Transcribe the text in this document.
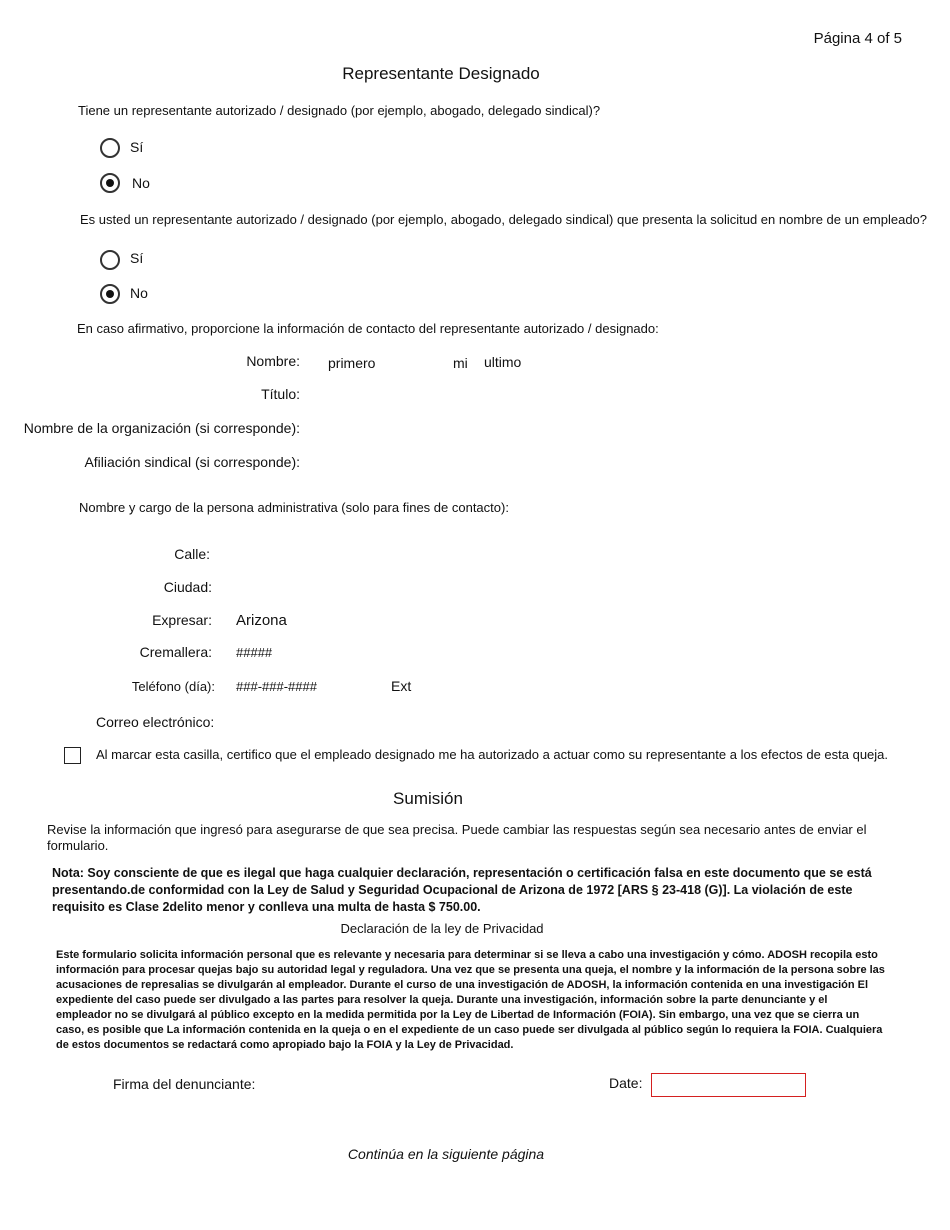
Página 4 of 5
Representante Designado
Tiene un representante autorizado / designado (por ejemplo, abogado, delegado sindical)?
Sí
No
Es usted un representante autorizado / designado (por ejemplo, abogado, delegado sindical) que presenta la solicitud en nombre de un empleado?
Sí
No
En caso afirmativo, proporcione la información de contacto del representante autorizado / designado:
Nombre: primero	mi ultimo
Título:
Nombre de la organización (si corresponde):
Afiliación sindical (si corresponde):
Nombre y cargo de la persona administrativa (solo para fines de contacto):
Calle:
Ciudad:
Expresar: Arizona
Cremallera: #####
Teléfono (día): ###-###-####	Ext
Correo electrónico:
Al marcar esta casilla, certifico que el empleado designado me ha autorizado a actuar como su representante a los efectos de esta queja.
Sumisión
Revise la información que ingresó para asegurarse de que sea precisa. Puede cambiar las respuestas según sea necesario antes de enviar el
formulario.
Nota: Soy consciente de que es ilegal que haga cualquier declaración, representación o certificación falsa en este documento que se está
presentando.de conformidad con la Ley de Salud y Seguridad Ocupacional de Arizona de 1972 [ARS § 23-418 (G)]. La violación de este
requisito es Clase 2delito menor y conlleva una multa de hasta $ 750.00.
Declaración de la ley de Privacidad
Este formulario solicita información personal que es relevante y necesaria para determinar si se lleva a cabo una investigación y cómo. ADOSH recopila esto
información para procesar quejas bajo su autoridad legal y reguladora. Una vez que se presenta una queja, el nombre y la información de la persona sobre las
acusaciones de represalias se divulgarán al empleador. Durante el curso de una investigación de ADOSH, la información contenida en una investigación El
expediente del caso puede ser divulgado a las partes para resolver la queja. Durante una investigación, información sobre la parte denunciante y el
empleador no se divulgará al público excepto en la medida permitida por la Ley de Libertad de Información (FOIA). Sin embargo, una vez que se cierra un
caso, es posible que La información contenida en la queja o en el expediente de un caso puede ser divulgada al público según lo requiera la FOIA. Cualquiera
de estos documentos se redactará como apropiado bajo la FOIA y la Ley de Privacidad.
Firma del denunciante:	Date:
Continúa en la siguiente página
